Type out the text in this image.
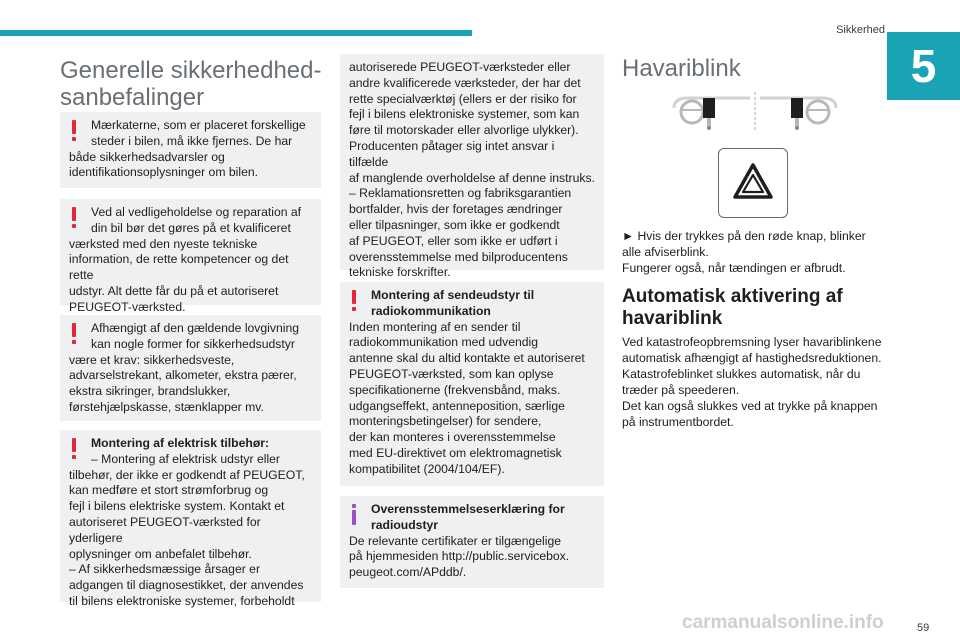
Sikkerhed
5
Generelle sikkerhedhed-sanbefalinger

Mærkaterne, som er placeret forskellige steder i bilen, må ikke fjernes. De har

både sikkerhedsadvarsler og

identifikationsoplysninger om bilen.

Ved al vedligeholdelse og reparation af din bil bør det gøres på et kvalificeret

værksted med den nyeste tekniske

information, de rette kompetencer og det rette

udstyr. Alt dette får du på et autoriseret

PEUGEOT-værksted.

Afhængigt af den gældende lovgivning kan nogle former for sikkerhedsudstyr

være et krav: sikkerhedsveste,

advarselstrekant, alkometer, ekstra pærer,

ekstra sikringer, brandslukker,

førstehjælpskasse, stænklapper mv.

Montering af elektrisk tilbehør:

– Montering af elektrisk udstyr eller

tilbehør, der ikke er godkendt af PEUGEOT,

kan medføre et stort strømforbrug og

fejl i bilens elektriske system. Kontakt et

autoriseret PEUGEOT-værksted for yderligere

oplysninger om anbefalet tilbehør.

– Af sikkerhedsmæssige årsager er

adgangen til diagnosestikket, der anvendes

til bilens elektroniske systemer, forbeholdt

autoriserede PEUGEOT-værksteder eller

andre kvalificerede værksteder, der har det

rette specialværktøj (ellers er der risiko for

fejl i bilens elektroniske systemer, som kan

føre til motorskader eller alvorlige ulykker).

Producenten påtager sig intet ansvar i tilfælde

af manglende overholdelse af denne instruks.

– Reklamationsretten og fabriksgarantien

bortfalder, hvis der foretages ændringer

eller tilpasninger, som ikke er godkendt

af PEUGEOT, eller som ikke er udført i

overensstemmelse med bilproducentens

tekniske forskrifter.

Montering af sendeudstyr til radiokommunikation

Inden montering af en sender til

radiokommunikation med udvendig

antenne skal du altid kontakte et autoriseret

PEUGEOT-værksted, som kan oplyse

specifikationerne (frekvensbånd, maks.

udgangseffekt, antenneposition, særlige

monteringsbetingelser) for sendere,

der kan monteres i overensstemmelse

med EU-direktivet om elektromagnetisk

kompatibilitet (2004/104/EF).

Overensstemmelseserklæring for radioudstyr

De relevante certifikater er tilgængelige

på hjemmesiden http://public.servicebox.

peugeot.com/APddb/.

Havariblink

► Hvis der trykkes på den røde knap, blinker

alle afviserblink.

Fungerer også, når tændingen er afbrudt.

Automatisk aktivering af havariblink

Ved katastrofeopbremsning lyser havariblinkene

automatisk afhængigt af hastighedsreduktionen.

Katastrofeblinket slukkes automatisk, når du

træder på speederen.

Det kan også slukkes ved at trykke på knappen

på instrumentbordet.

carmanualsonline.info	59
